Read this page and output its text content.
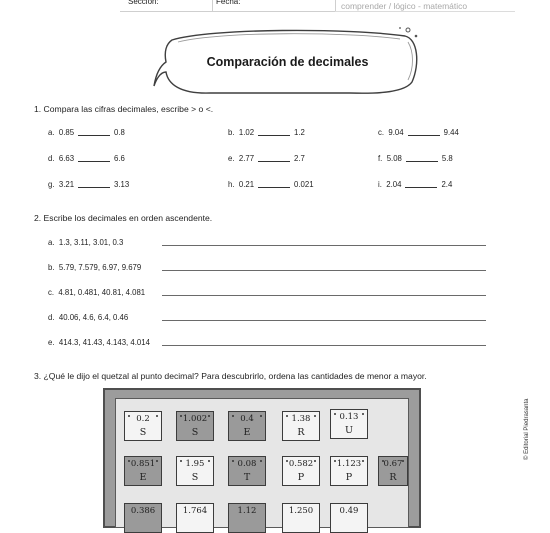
Sección:	Fecha:	comprender / lógico - matemático
Comparación de decimales
1. Compara las cifras decimales, escribe > o <.
a. 0.85	0.8	b. 1.02	1.2	c. 9.04	9.44
d. 6.63	6.6	e. 2.77	2.7	f. 5.08	5.8
g. 3.21	3.13	h. 0.21	0.021	i. 2.04	2.4
2. Escribe los decimales en orden ascendente.
a. 1.3, 3.11, 3.01, 0.3
b. 5.79, 7.579, 6.97, 9.679
c. 4.81, 0.481, 40.81, 4.081
d. 40.06, 4.6, 6.4, 0.46
e. 414.3, 41.43, 4.143, 4.014
3. ¿Qué le dijo el quetzal al punto decimal? Para descubrirlo, ordena las cantidades de menor a mayor.
0.2
S
1.002
S
0.4
E
1.38
R
0.13
U
0.851
E
1.95
S
0.08
T
0.582
P
1.123
P
0.67
R
0.386	1.764	1.12	1.250	0.49
© Editorial Piedrasanta
